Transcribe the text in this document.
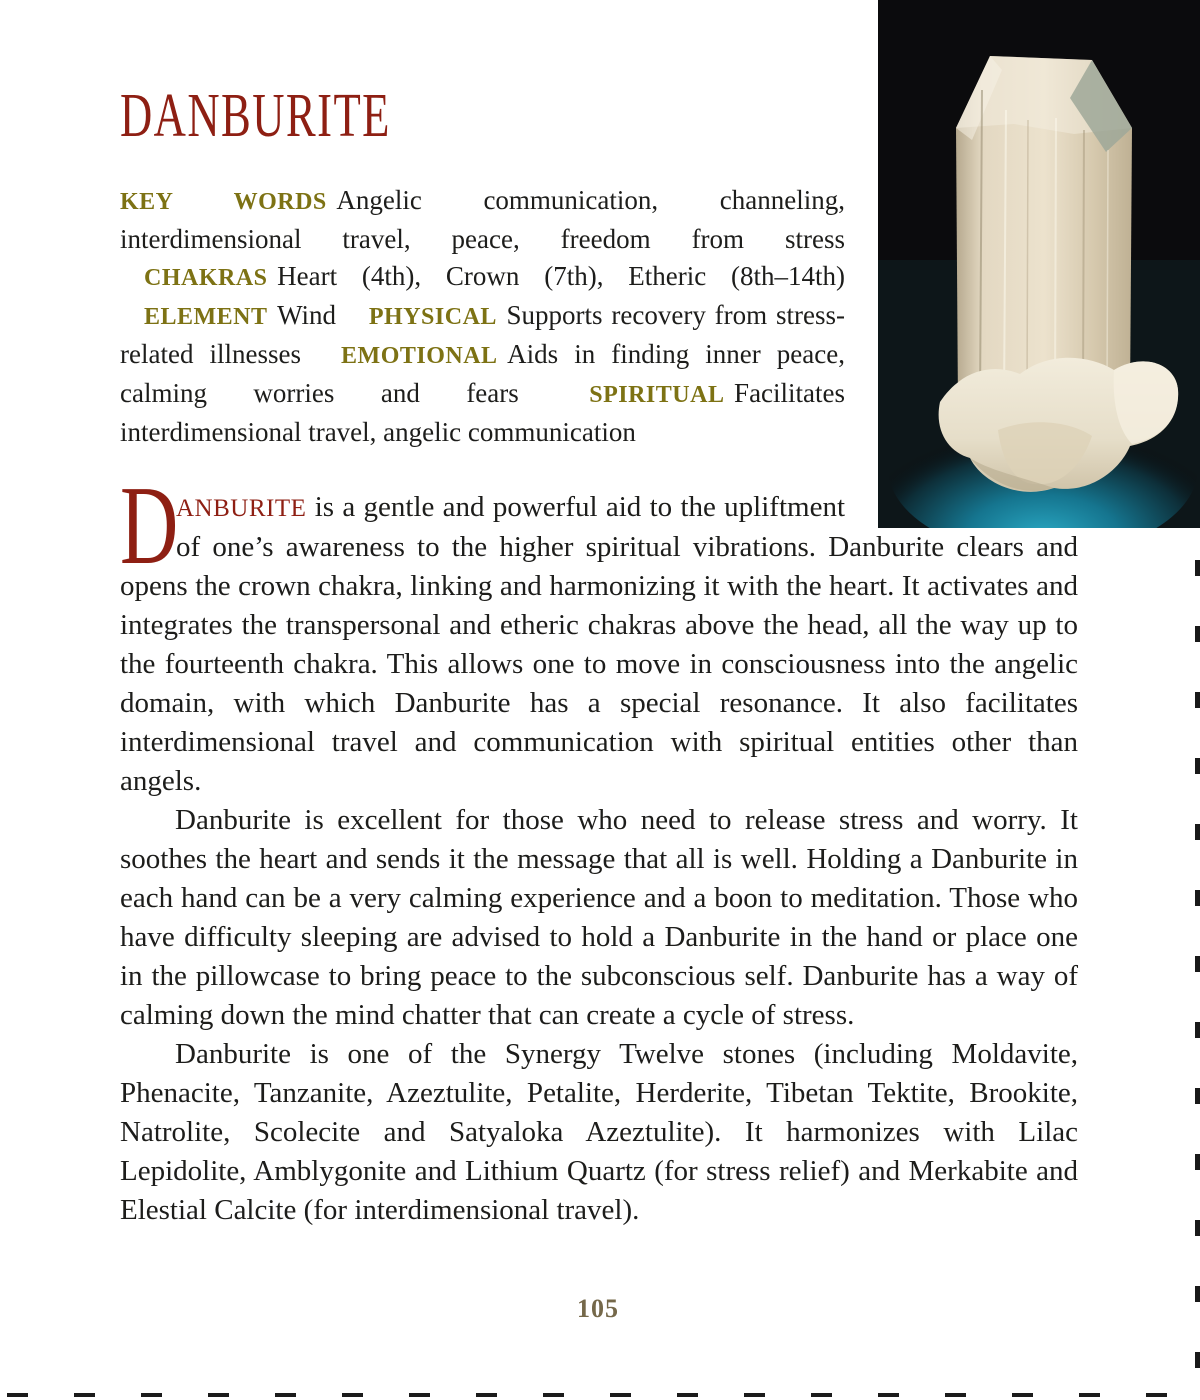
DANBURITE
KEY WORDS Angelic communication, channeling, interdimensional travel, peace, freedom from stress CHAKRAS Heart (4th), Crown (7th), Etheric (8th–14th) ELEMENT Wind PHYSICAL Supports recovery from stress-related illnesses EMOTIONAL Aids in finding inner peace, calming worries and fears	SPIRITUAL Facilitates interdimensional travel, angelic communication

D
ANBURITE is a gentle and powerful aid to the upliftment of one’s awareness to the higher spiritual vibrations. Danburite clears and opens the crown chakra, linking and harmonizing it with the heart. It activates and integrates the transpersonal and etheric chakras above the head, all the way up to the fourteenth chakra. This allows one to move in consciousness into the angelic domain, with which Danburite has a special resonance. It also facilitates interdimensional travel and communication with spiritual entities other than angels.

Danburite is excellent for those who need to release stress and worry. It soothes the heart and sends it the message that all is well. Holding a Danburite in each hand can be a very calming experience and a boon to meditation. Those who have difficulty sleeping are advised to hold a Danburite in the hand or place one in the pillowcase to bring peace to the subconscious self. Danburite has a way of calming down the mind chatter that can create a cycle of stress.

Danburite is one of the Synergy Twelve stones (including Moldavite, Phenacite, Tanzanite, Azeztulite, Petalite, Herderite, Tibetan Tektite, Brookite, Natrolite, Scolecite and Satyaloka Azeztulite). It harmonizes with Lilac Lepidolite, Amblygonite and Lithium Quartz (for stress relief) and Merkabite and Elestial Calcite (for interdimensional travel).

105
